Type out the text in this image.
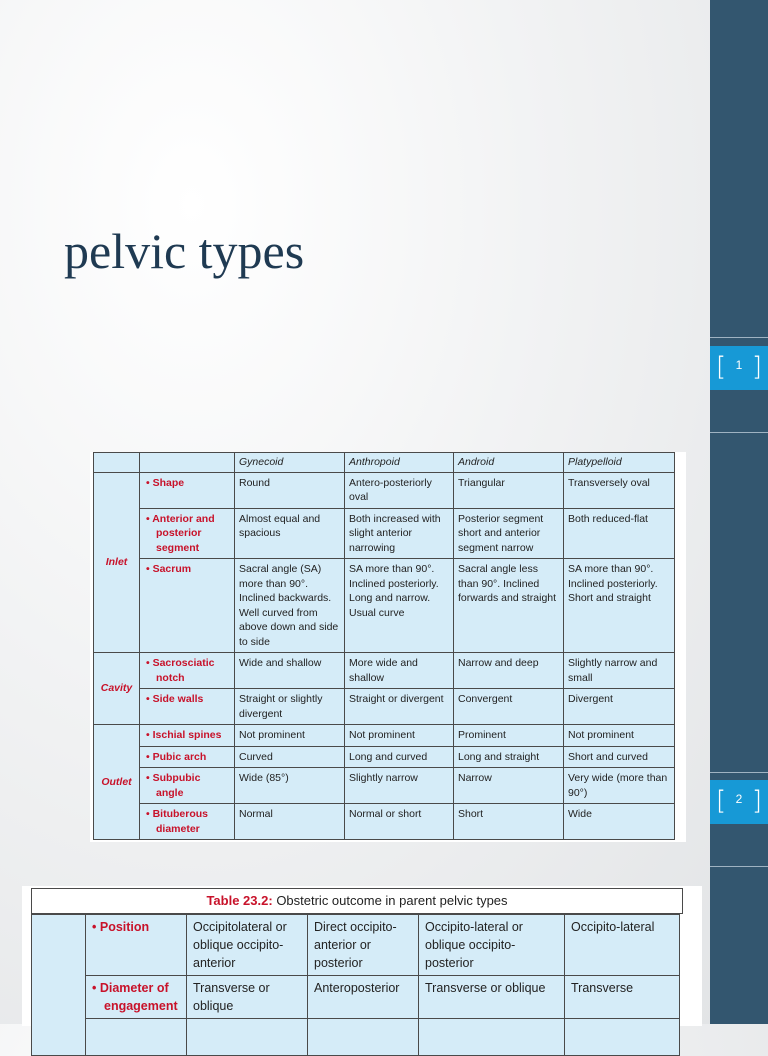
[ 1 ]
[ 2 ]
pelvic types
		Gynecoid	Anthropoid	Android	Platypelloid
Inlet	• Shape	Round	Antero-posteriorly oval	Triangular	Transversely oval
	• Anterior and posterior segment	Almost equal and spacious	Both increased with slight anterior narrowing	Posterior segment short and anterior segment narrow	Both reduced-flat
	• Sacrum	Sacral angle (SA) more than 90°. Inclined backwards. Well curved from above down and side to side	SA more than 90°. Inclined posteriorly. Long and narrow. Usual curve	Sacral angle less than 90°. Inclined forwards and straight	SA more than 90°. Inclined posteriorly. Short and straight
Cavity	• Sacrosciatic notch	Wide and shallow	More wide and shallow	Narrow and deep	Slightly narrow and small
	• Side walls	Straight or slightly divergent	Straight or divergent	Convergent	Divergent
Outlet	• Ischial spines	Not prominent	Not prominent	Prominent	Not prominent
	• Pubic arch	Curved	Long and curved	Long and straight	Short and curved
	• Subpubic angle	Wide (85°)	Slightly narrow	Narrow	Very wide (more than 90°)
	• Bituberous diameter	Normal	Normal or short	Short	Wide
Table 23.2: Obstetric outcome in parent pelvic types
	• Position	Occipitolateral or oblique occipito-anterior	Direct occipito-anterior or posterior	Occipito-lateral or oblique occipito-posterior	Occipito-lateral
	• Diameter of engagement	Transverse or oblique	Anteroposterior	Transverse or oblique	Transverse
